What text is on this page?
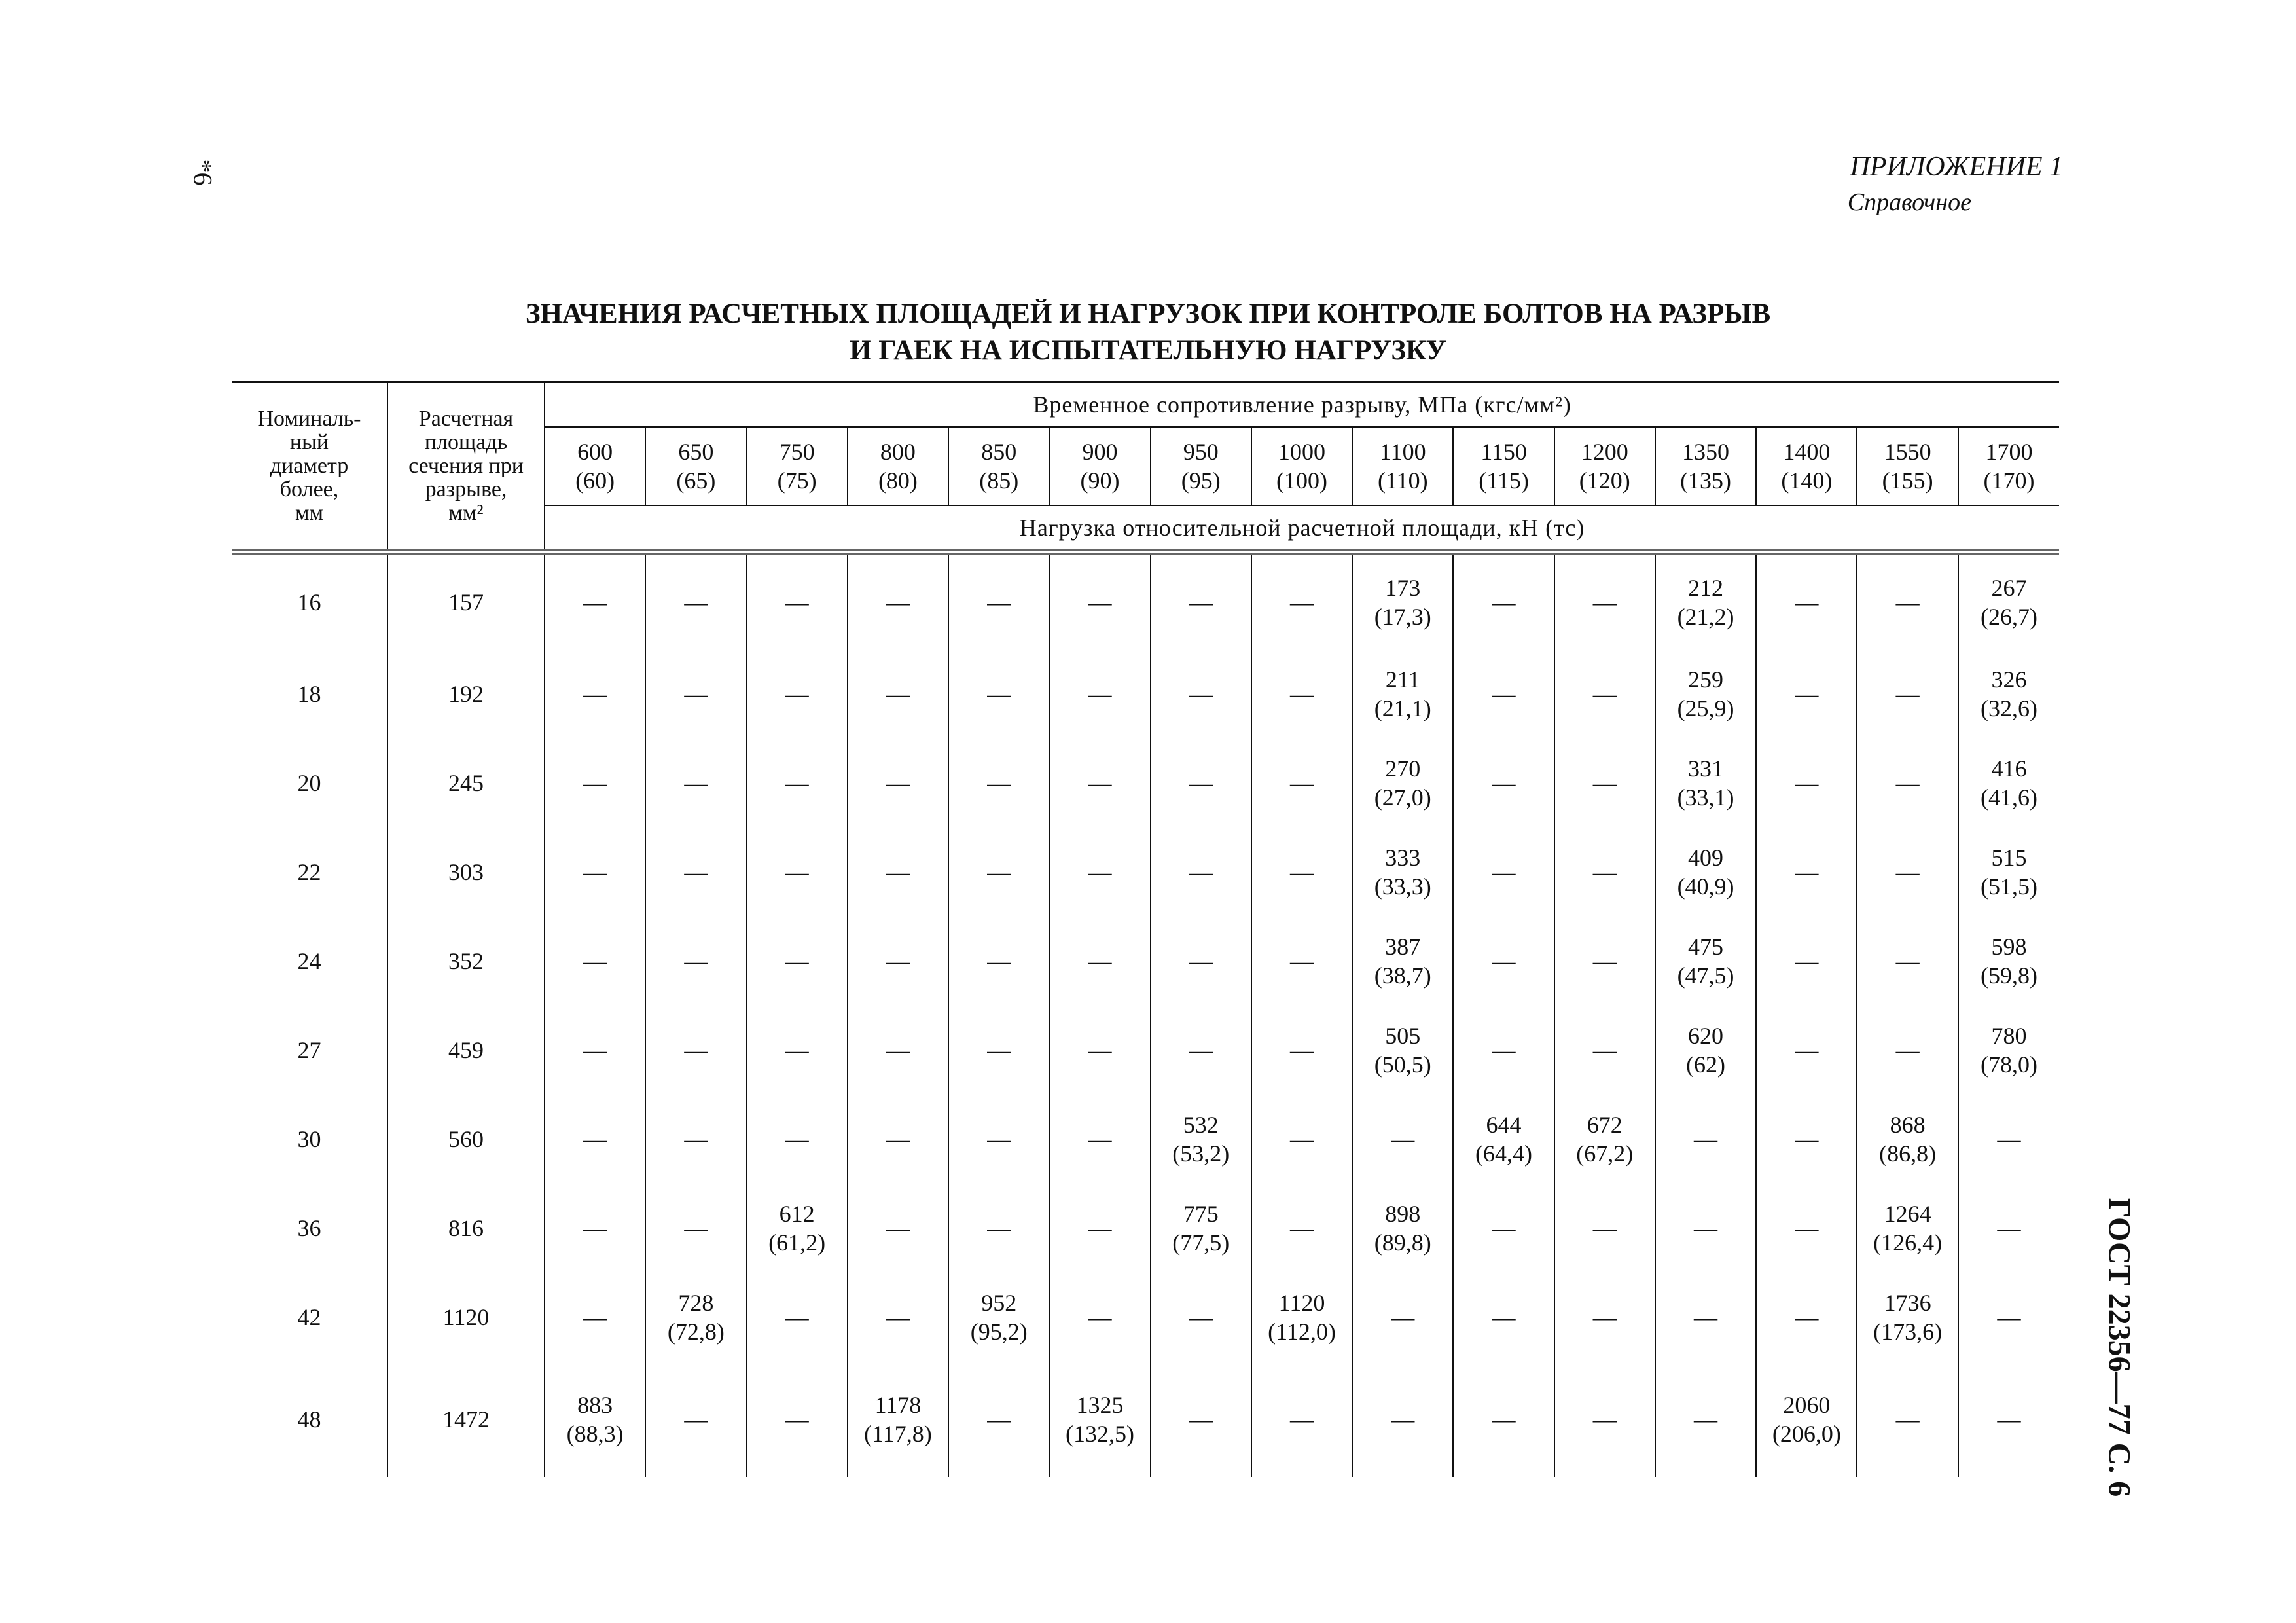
*6	ПРИЛОЖЕНИЕ 1
Справочное
ЗНАЧЕНИЯ РАСЧЕТНЫХ ПЛОЩАДЕЙ И НАГРУЗОК ПРИ КОНТРОЛЕ БОЛТОВ НА РАЗРЫВ
И ГАЕК НА ИСПЫТАТЕЛЬНУЮ НАГРУЗКУ
ГОСТ 22356—77 С. 6
Номиналь-
ный
диаметр
более,
мм	Расчетная
площадь
сечения при
разрыве,
мм²	Временное сопротивление разрыву, МПа (кгс/мм²)														
		600
(60)	650
(65)	750
(75)	800
(80)	850
(85)	900
(90)	950
(95)	1000
(100)	1100
(110)	1150
(115)	1200
(120)	1350
(135)	1400
(140)	1550
(155)	1700
(170)
		Нагрузка относительной расчетной площади, кН (тс)														
16	157	—	—	—	—	—	—	—	—	173
(17,3)	—	—	212
(21,2)	—	—	267
(26,7)
18	192	—	—	—	—	—	—	—	—	211
(21,1)	—	—	259
(25,9)	—	—	326
(32,6)
20	245	—	—	—	—	—	—	—	—	270
(27,0)	—	—	331
(33,1)	—	—	416
(41,6)
22	303	—	—	—	—	—	—	—	—	333
(33,3)	—	—	409
(40,9)	—	—	515
(51,5)
24	352	—	—	—	—	—	—	—	—	387
(38,7)	—	—	475
(47,5)	—	—	598
(59,8)
27	459	—	—	—	—	—	—	—	—	505
(50,5)	—	—	620
(62)	—	—	780
(78,0)
30	560	—	—	—	—	—	—	532
(53,2)	—	—	644
(64,4)	672
(67,2)	—	—	868
(86,8)	—
36	816	—	—	612
(61,2)	—	—	—	775
(77,5)	—	898
(89,8)	—	—	—	—	1264
(126,4)	—
42	1120	—	728
(72,8)	—	—	952
(95,2)	—	—	1120
(112,0)	—	—	—	—	—	1736
(173,6)	—
48	1472	883
(88,3)	—	—	1178
(117,8)	—	1325
(132,5)	—	—	—	—	—	—	2060
(206,0)	—	—
